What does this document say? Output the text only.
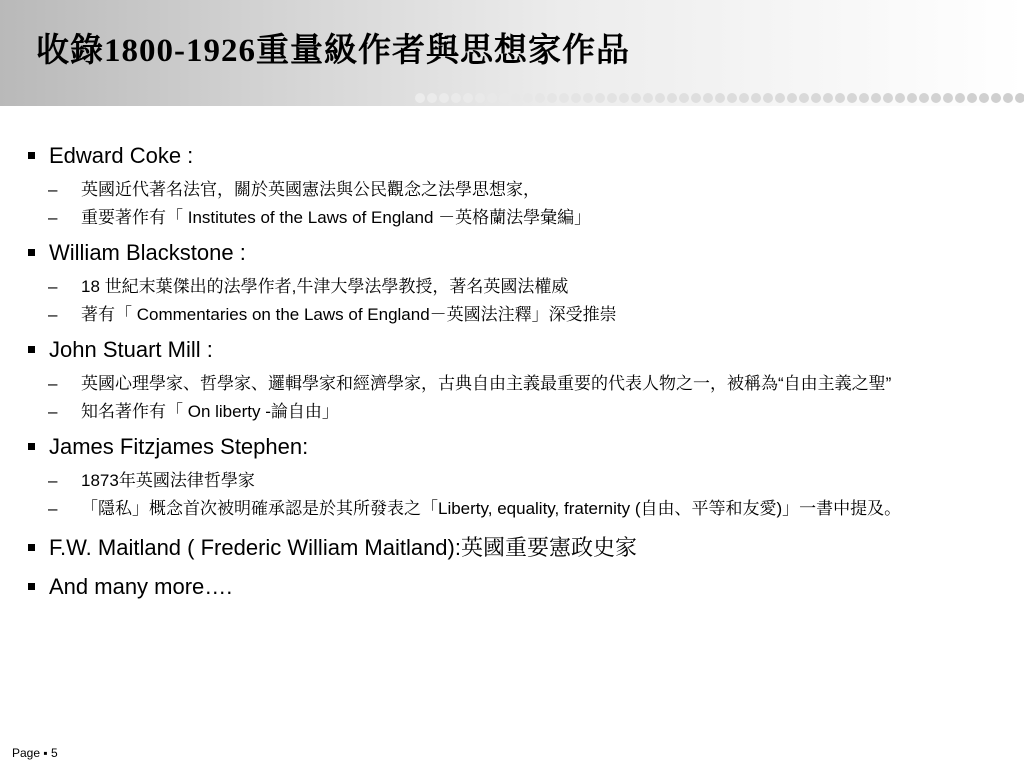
收錄1800-1926重量級作者與思想家作品
Edward Coke :
– 英國近代著名法官，關於英國憲法與公民觀念之法學思想家，
– 重要著作有「 Institutes of the Laws of England －英格蘭法學彙編」
William Blackstone :
– 18 世紀末葉傑出的法學作者,牛津大學法學教授，著名英國法權威
– 著有「 Commentaries on the Laws of England－英國法注釋」深受推崇
John Stuart Mill :
– 英國心理學家、哲學家、邏輯學家和經濟學家，古典自由主義最重要的代表人物之一，被稱為“自由主義之聖”
– 知名著作有「 On liberty -論自由」
James Fitzjames Stephen:
– 1873年英國法律哲學家
– 「隱私」概念首次被明確承認是於其所發表之「Liberty, equality, fraternity (自由、平等和友愛)」一書中提及。
F.W. Maitland ( Frederic William Maitland):英國重要憲政史家
And many more….
Page ▪ 5
